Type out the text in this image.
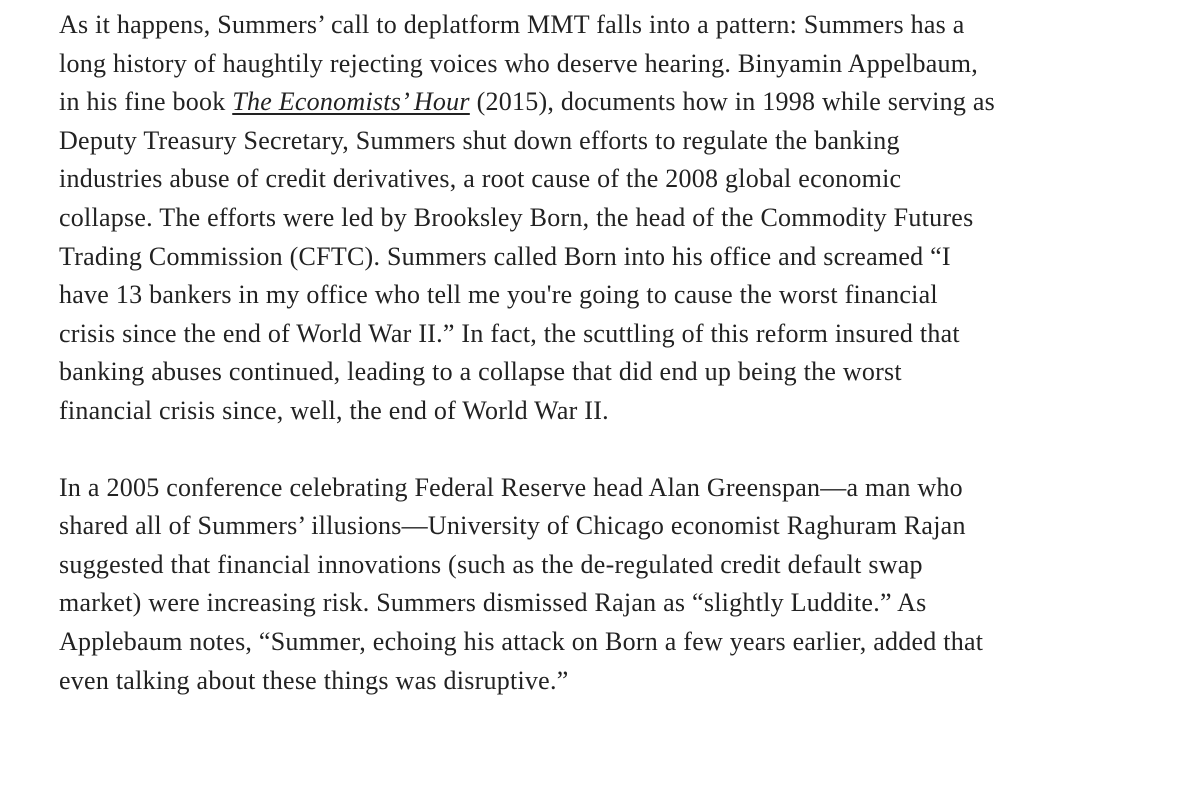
As it happens, Summers’ call to deplatform MMT falls into a pattern: Summers has a
long history of haughtily rejecting voices who deserve hearing. Binyamin Appelbaum,
in his fine book The Economists’ Hour (2015), documents how in 1998 while serving as
Deputy Treasury Secretary, Summers shut down efforts to regulate the banking
industries abuse of credit derivatives, a root cause of the 2008 global economic
collapse. The efforts were led by Brooksley Born, the head of the Commodity Futures
Trading Commission (CFTC). Summers called Born into his office and screamed “I
have 13 bankers in my office who tell me you're going to cause the worst financial
crisis since the end of World War II.” In fact, the scuttling of this reform insured that
banking abuses continued, leading to a collapse that did end up being the worst
financial crisis since, well, the end of World War II.

In a 2005 conference celebrating Federal Reserve head Alan Greenspan—a man who
shared all of Summers’ illusions—University of Chicago economist Raghuram Rajan
suggested that financial innovations (such as the de-regulated credit default swap
market) were increasing risk. Summers dismissed Rajan as “slightly Luddite.” As
Applebaum notes, “Summer, echoing his attack on Born a few years earlier, added that
even talking about these things was disruptive.”
